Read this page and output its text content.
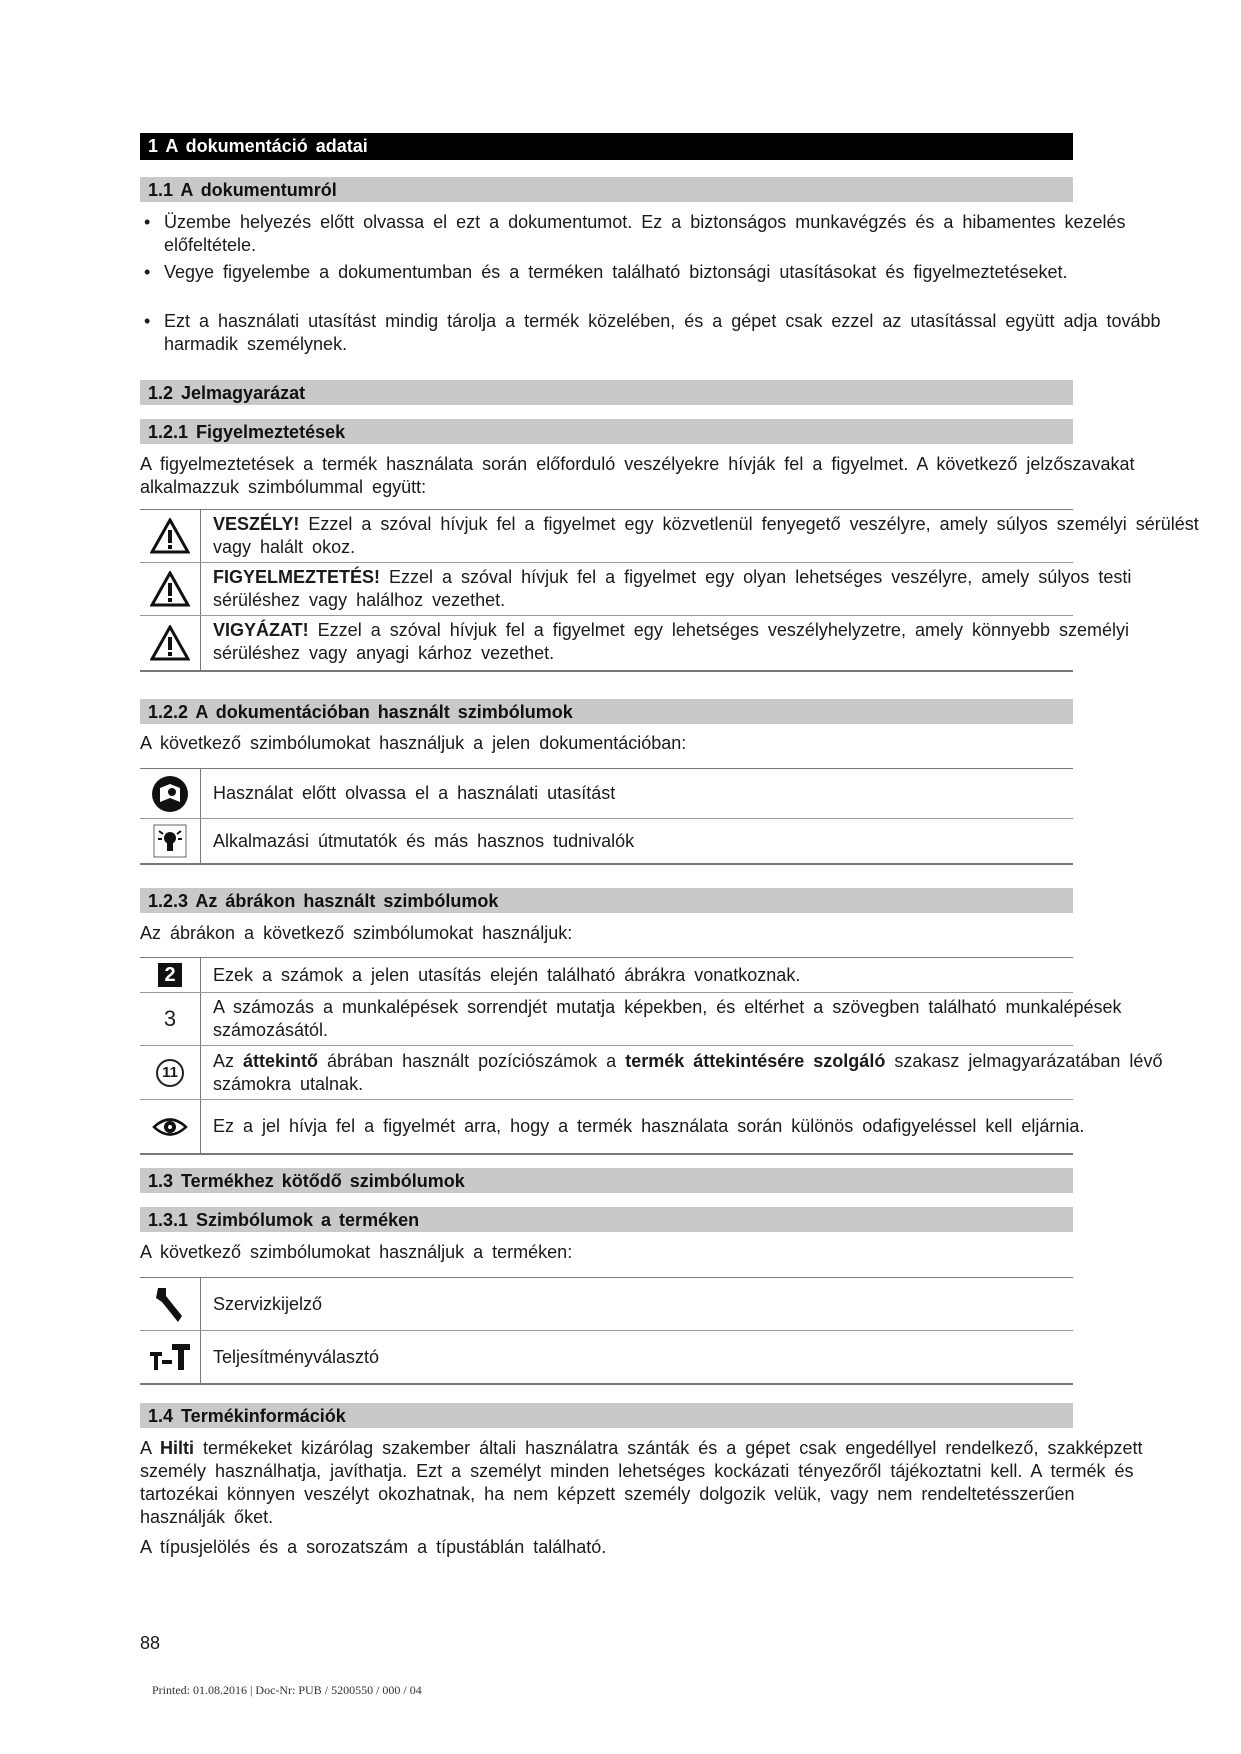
1 A dokumentáció adatai
1.1 A dokumentumról
• Üzembe helyezés előtt olvassa el ezt a dokumentumot. Ez a biztonságos munkavégzés és a hibamentes kezelés előfeltétele.
• Vegye figyelembe a dokumentumban és a terméken található biztonsági utasításokat és figyelmeztetéseket.
• Ezt a használati utasítást mindig tárolja a termék közelében, és a gépet csak ezzel az utasítással együtt adja tovább harmadik személynek.
1.2 Jelmagyarázat
1.2.1 Figyelmeztetések

A figyelmeztetések a termék használata során előforduló veszélyekre hívják fel a figyelmet. A következő jelzőszavakat alkalmazzuk szimbólummal együtt:

VESZÉLY! Ezzel a szóval hívjuk fel a figyelmet egy közvetlenül fenyegető veszélyre, amely súlyos személyi sérülést vagy halált okoz.
FIGYELMEZTETÉS! Ezzel a szóval hívjuk fel a figyelmet egy olyan lehetséges veszélyre, amely súlyos testi sérüléshez vagy halálhoz vezethet.
VIGYÁZAT! Ezzel a szóval hívjuk fel a figyelmet egy lehetséges veszélyhelyzetre, amely könnyebb személyi sérüléshez vagy anyagi kárhoz vezethet.
1.2.2 A dokumentációban használt szimbólumok

A következő szimbólumokat használjuk a jelen dokumentációban:

Használat előtt olvassa el a használati utasítást
Alkalmazási útmutatók és más hasznos tudnivalók
1.2.3 Az ábrákon használt szimbólumok

Az ábrákon a következő szimbólumokat használjuk:

2	Ezek a számok a jelen utasítás elején található ábrákra vonatkoznak.
3	A számozás a munkalépések sorrendjét mutatja képekben, és eltérhet a szövegben található munkalépések számozásától.
11
Az áttekintő ábrában használt pozíciószámok a termék áttekintésére szolgáló szakasz jelmagyarázatában lévő számokra utalnak.
Ez a jel hívja fel a figyelmét arra, hogy a termék használata során különös odafigyeléssel kell eljárnia.
1.3 Termékhez kötődő szimbólumok
1.3.1 Szimbólumok a terméken

A következő szimbólumokat használjuk a terméken:

Szervizkijelző
Teljesítményválasztó
1.4 Termékinformációk

A Hilti termékeket kizárólag szakember általi használatra szánták és a gépet csak engedéllyel rendelkező, szakképzett személy használhatja, javíthatja. Ezt a személyt minden lehetséges kockázati tényezőről tájékoztatni kell. A termék és tartozékai könnyen veszélyt okozhatnak, ha nem képzett személy dolgozik velük, vagy nem rendeltetésszerűen használják őket.

A típusjelölés és a sorozatszám a típustáblán található.

88
Printed: 01.08.2016 | Doc-Nr: PUB / 5200550 / 000 / 04
